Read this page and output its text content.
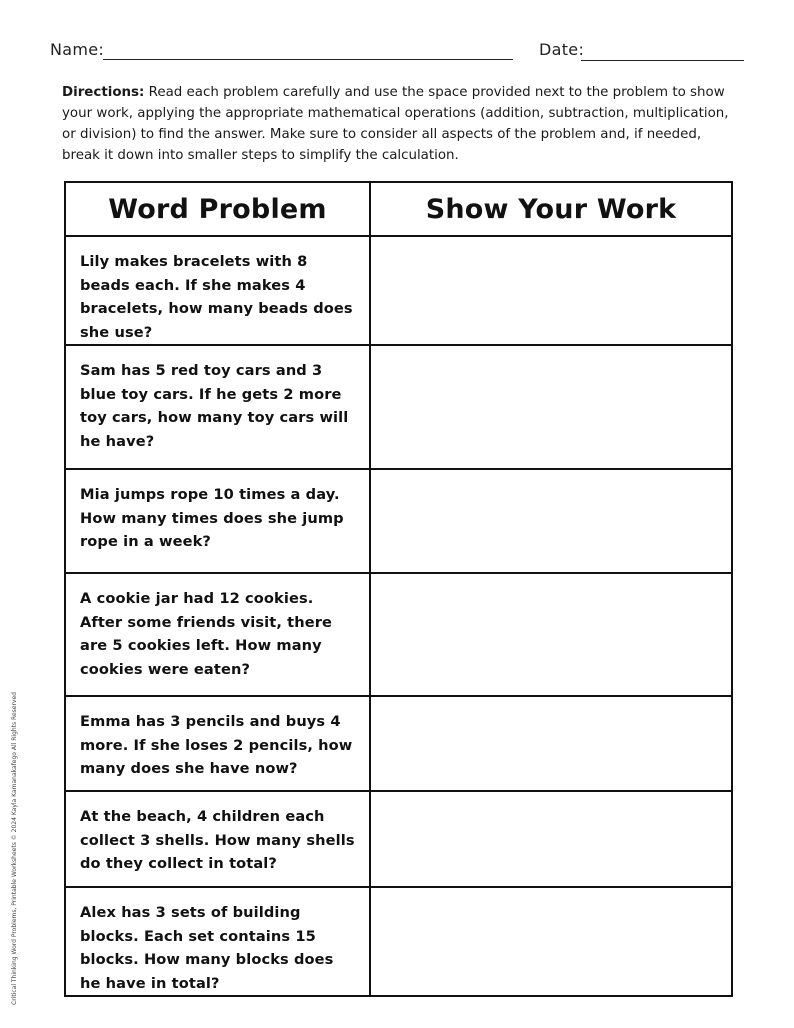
Name:	Date:
Directions: Read each problem carefully and use the space provided next to the problem to show your work, applying the appropriate mathematical operations (addition, subtraction, multiplication, or division) to find the answer. Make sure to consider all aspects of the problem and, if needed, break it down into smaller steps to simplify the calculation.
Word Problem	Show Your Work
Lily makes bracelets with 8 beads each. If she makes 4 bracelets, how many beads does she use?	
Sam has 5 red toy cars and 3 blue toy cars. If he gets 2 more toy cars, how many toy cars will he have?	
Mia jumps rope 10 times a day. How many times does she jump rope in a week?	
A cookie jar had 12 cookies. After some friends visit, there are 5 cookies left. How many cookies were eaten?	
Emma has 3 pencils and buys 4 more. If she loses 2 pencils, how many does she have now?	
At the beach, 4 children each collect 3 shells. How many shells do they collect in total?	
Alex has 3 sets of building blocks. Each set contains 15 blocks. How many blocks does he have in total?	
Critical Thinking Word Problems, Printable Worksheets © 2024 Kayla Kamanakafego All Rights Reserved
